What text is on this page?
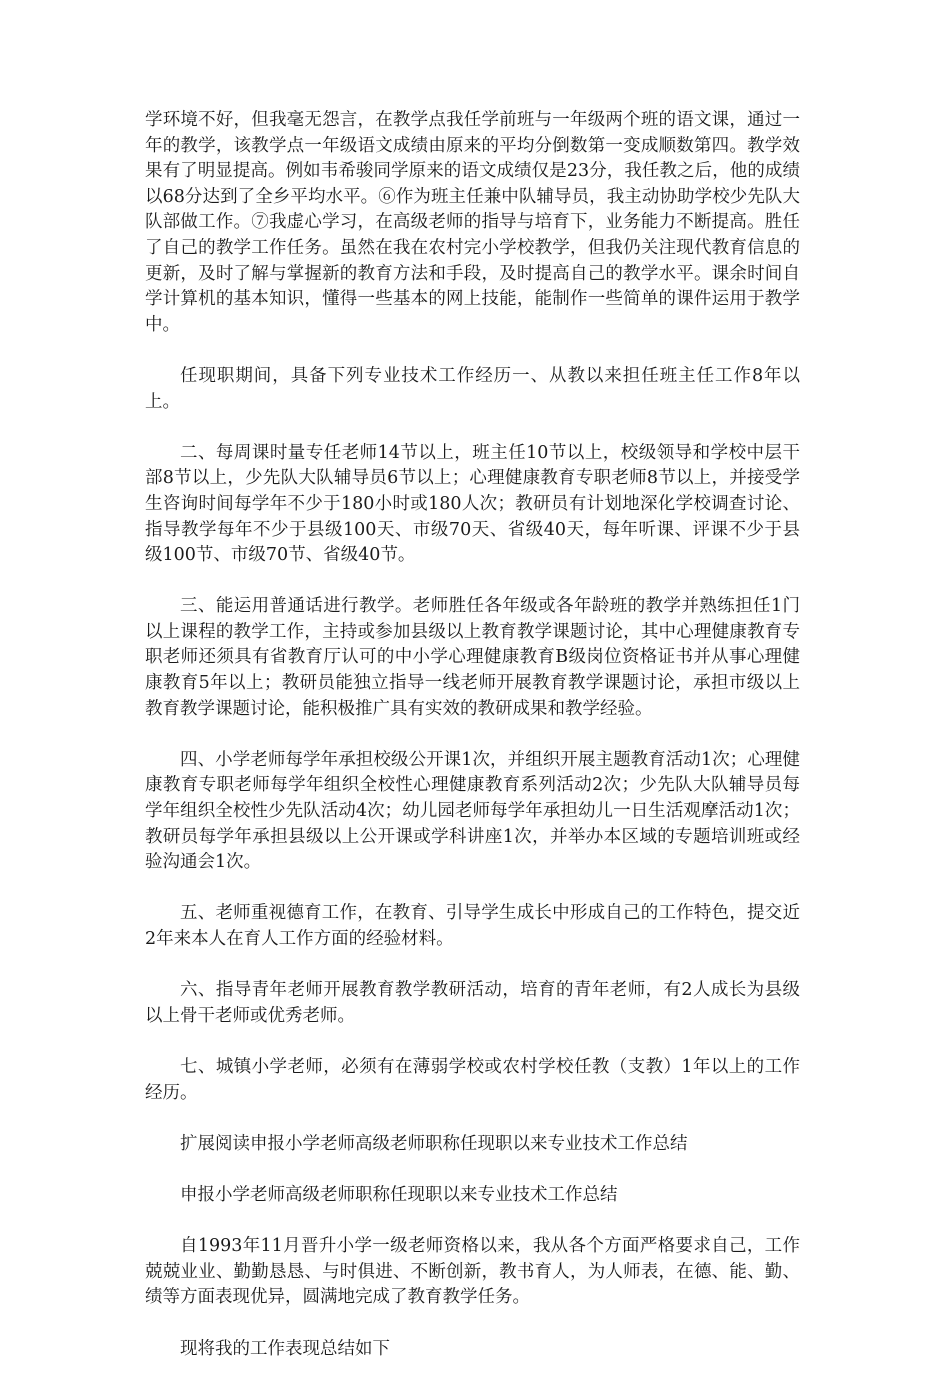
学环境不好，但我毫无怨言，在教学点我任学前班与一年级两个班的语文课，通过一年的教学，该教学点一年级语文成绩由原来的平均分倒数第一变成顺数第四。教学效果有了明显提高。例如韦希骏同学原来的语文成绩仅是23分，我任教之后，他的成绩以68分达到了全乡平均水平。⑥作为班主任兼中队辅导员，我主动协助学校少先队大队部做工作。⑦我虚心学习，在高级老师的指导与培育下，业务能力不断提高。胜任了自己的教学工作任务。虽然在我在农村完小学校教学，但我仍关注现代教育信息的更新，及时了解与掌握新的教育方法和手段，及时提高自己的教学水平。课余时间自学计算机的基本知识，懂得一些基本的网上技能，能制作一些简单的课件运用于教学中。

任现职期间，具备下列专业技术工作经历一、从教以来担任班主任工作8年以上。

二、每周课时量专任老师14节以上，班主任10节以上，校级领导和学校中层干部8节以上，少先队大队辅导员6节以上；心理健康教育专职老师8节以上，并接受学生咨询时间每学年不少于180小时或180人次；教研员有计划地深化学校调查讨论、指导教学每年不少于县级100天、市级70天、省级40天，每年听课、评课不少于县级100节、市级70节、省级40节。

三、能运用普通话进行教学。老师胜任各年级或各年龄班的教学并熟练担任1门以上课程的教学工作，主持或参加县级以上教育教学课题讨论，其中心理健康教育专职老师还须具有省教育厅认可的中小学心理健康教育B级岗位资格证书并从事心理健康教育5年以上；教研员能独立指导一线老师开展教育教学课题讨论，承担市级以上教育教学课题讨论，能积极推广具有实效的教研成果和教学经验。

四、小学老师每学年承担校级公开课1次，并组织开展主题教育活动1次；心理健康教育专职老师每学年组织全校性心理健康教育系列活动2次；少先队大队辅导员每学年组织全校性少先队活动4次；幼儿园老师每学年承担幼儿一日生活观摩活动1次；教研员每学年承担县级以上公开课或学科讲座1次，并举办本区域的专题培训班或经验沟通会1次。

五、老师重视德育工作，在教育、引导学生成长中形成自己的工作特色，提交近2年来本人在育人工作方面的经验材料。

六、指导青年老师开展教育教学教研活动，培育的青年老师，有2人成长为县级以上骨干老师或优秀老师。

七、城镇小学老师，必须有在薄弱学校或农村学校任教（支教）1年以上的工作经历。

扩展阅读申报小学老师高级老师职称任现职以来专业技术工作总结

申报小学老师高级老师职称任现职以来专业技术工作总结

自1993年11月晋升小学一级老师资格以来，我从各个方面严格要求自己，工作兢兢业业、勤勤恳恳、与时俱进、不断创新，教书育人，为人师表，在德、能、勤、绩等方面表现优异，圆满地完成了教育教学任务。

现将我的工作表现总结如下
